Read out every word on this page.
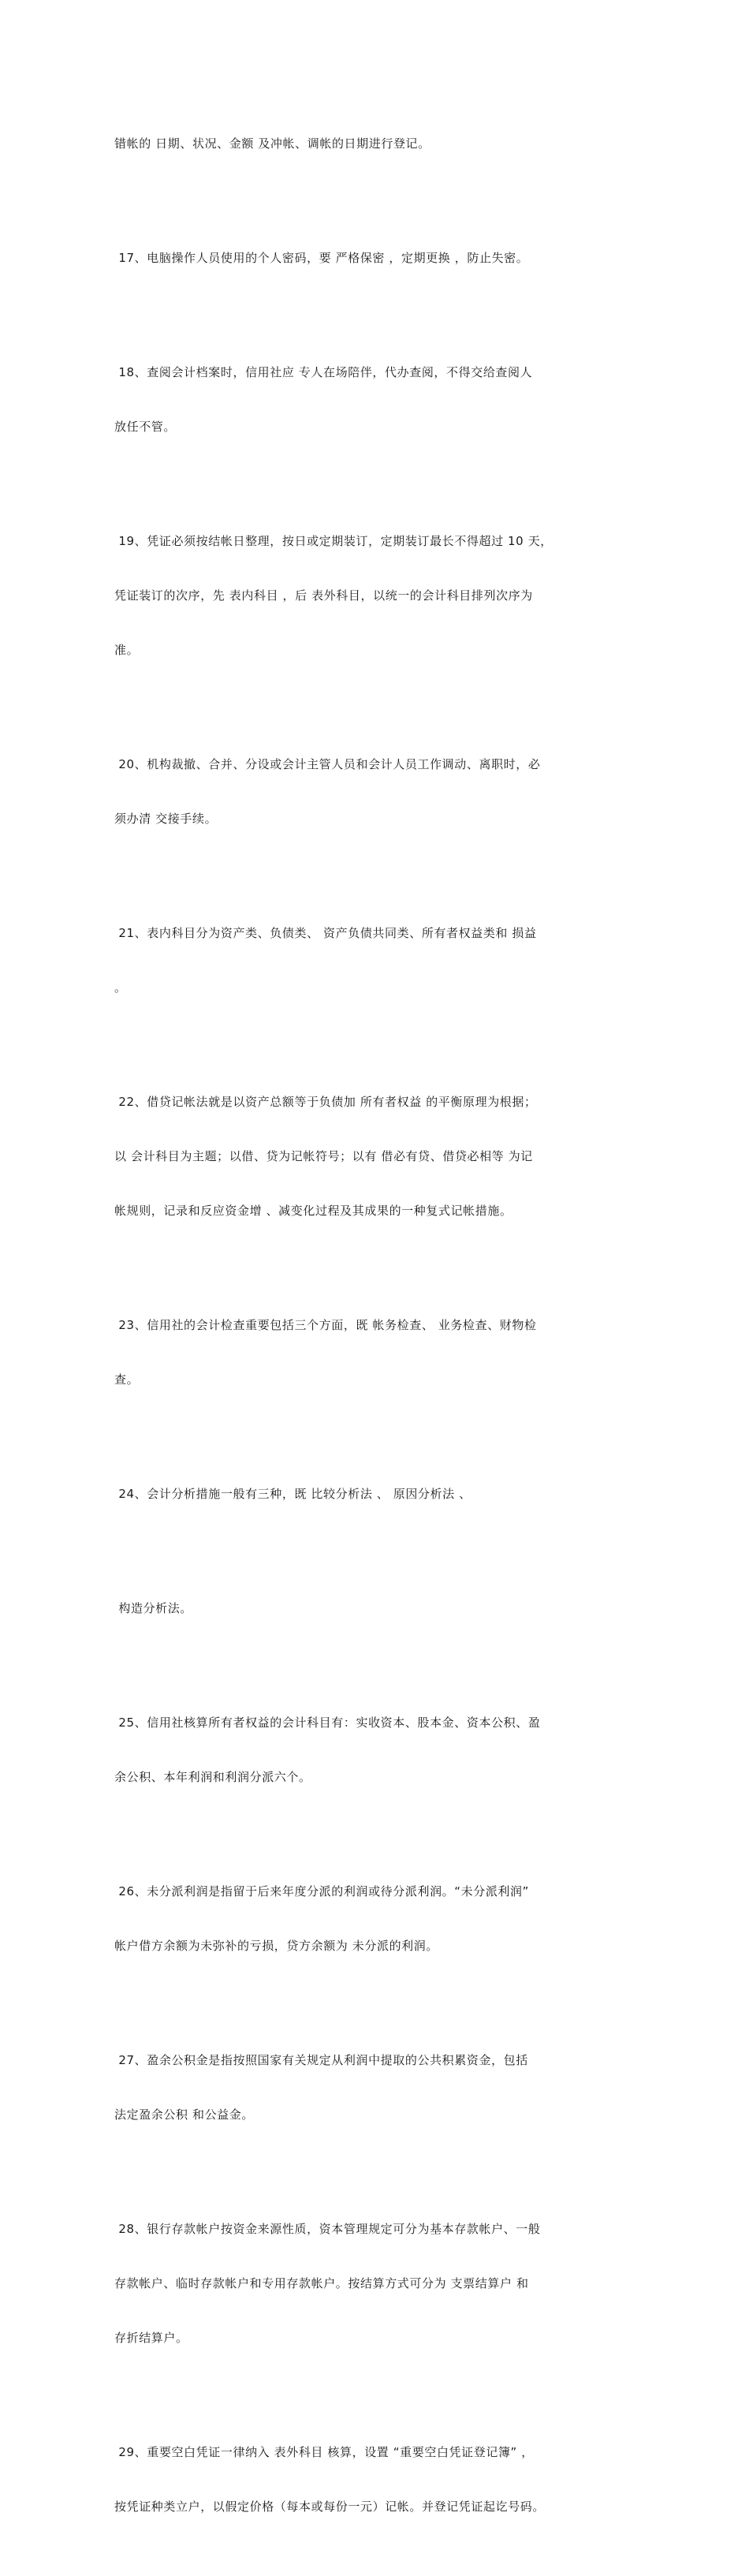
错帐的 日期、状况、金额 及冲帐、调帐的日期进行登记。

17、电脑操作人员使用的个人密码，要 严格保密 ，定期更换 ，防止失密。

18、查阅会计档案时，信用社应 专人在场陪伴，代办查阅，不得交给查阅人

放任不管。

19、凭证必须按结帐日整理，按日或定期装订，定期装订最长不得超过 10 天，

凭证装订的次序，先 表内科目 ，后 表外科目，以统一的会计科目排列次序为

准。

20、机构裁撤、合并、分设或会计主管人员和会计人员工作调动、离职时，必

须办清 交接手续。

21、表内科目分为资产类、负债类、 资产负债共同类、所有者权益类和 损益

。

22、借贷记帐法就是以资产总额等于负债加 所有者权益 的平衡原理为根据；

以 会计科目为主题；以借、贷为记帐符号；以有 借必有贷、借贷必相等 为记

帐规则，记录和反应资金增 、减变化过程及其成果的一种复式记帐措施。

23、信用社的会计检查重要包括三个方面，既 帐务检查、 业务检查、财物检

查。

24、会计分析措施一般有三种，既 比较分析法 、 原因分析法 、

构造分析法。

25、信用社核算所有者权益的会计科目有：实收资本、股本金、资本公积、盈

余公积、本年利润和利润分派六个。

26、未分派利润是指留于后来年度分派的利润或待分派利润。“未分派利润”

帐户借方余额为未弥补的亏损，贷方余额为 未分派的利润。

27、盈余公积金是指按照国家有关规定从利润中提取的公共积累资金，包括

法定盈余公积 和公益金。

28、银行存款帐户按资金来源性质，资本管理规定可分为基本存款帐户、一般

存款帐户、临时存款帐户和专用存款帐户。按结算方式可分为 支票结算户 和

存折结算户。

29、重要空白凭证一律纳入 表外科目 核算，设置 “重要空白凭证登记簿” ，

按凭证种类立户，以假定价格（每本或每份一元）记帐。并登记凭证起讫号码。
